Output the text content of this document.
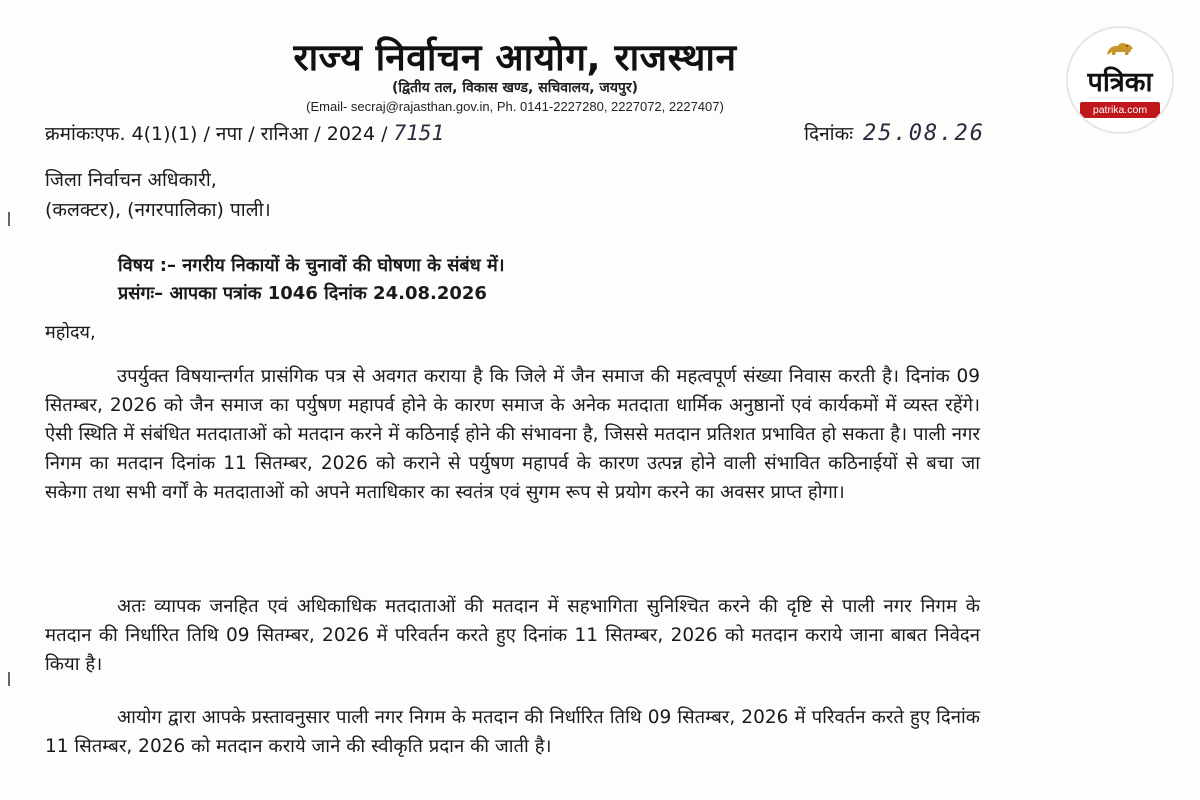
राज्य निर्वाचन आयोग, राजस्थान
(द्वितीय तल, विकास खण्ड, सचिवालय, जयपुर)
(Email- secraj@rajasthan.gov.in, Ph. 0141-2227280, 2227072, 2227407)
क्रमांकःएफ. 4(1)(1) / नपा / रानिआ / 2024 / 7151	दिनांकः 25.08.26
जिला निर्वाचन अधिकारी,
(कलक्टर), (नगरपालिका) पाली।
विषय :– नगरीय निकायों के चुनावों की घोषणा के संबंध में।
प्रसंगः– आपका पत्रांक 1046 दिनांक 24.08.2026
महोदय,
उपर्युक्त विषयान्तर्गत प्रासंगिक पत्र से अवगत कराया है कि जिले में जैन समाज की महत्वपूर्ण संख्या निवास करती है। दिनांक 09 सितम्बर, 2026 को जैन समाज का पर्युषण महापर्व होने के कारण समाज के अनेक मतदाता धार्मिक अनुष्ठानों एवं कार्यकमों में व्यस्त रहेंगे। ऐसी स्थिति में संबंधित मतदाताओं को मतदान करने में कठिनाई होने की संभावना है, जिससे मतदान प्रतिशत प्रभावित हो सकता है। पाली नगर निगम का मतदान दिनांक 11 सितम्बर, 2026 को कराने से पर्युषण महापर्व के कारण उत्पन्न होने वाली संभावित कठिनाईयों से बचा जा सकेगा तथा सभी वर्गों के मतदाताओं को अपने मताधिकार का स्वतंत्र एवं सुगम रूप से प्रयोग करने का अवसर प्राप्त होगा।
अतः व्यापक जनहित एवं अधिकाधिक मतदाताओं की मतदान में सहभागिता सुनिश्चित करने की दृष्टि से पाली नगर निगम के मतदान की निर्धारित तिथि 09 सितम्बर, 2026 में परिवर्तन करते हुए दिनांक 11 सितम्बर, 2026 को मतदान कराये जाना बाबत निवेदन किया है।
आयोग द्वारा आपके प्रस्तावनुसार पाली नगर निगम के मतदान की निर्धारित तिथि 09 सितम्बर, 2026 में परिवर्तन करते हुए दिनांक 11 सितम्बर, 2026 को मतदान कराये जाने की स्वीकृति प्रदान की जाती है।
पत्रिका
patrika.com
